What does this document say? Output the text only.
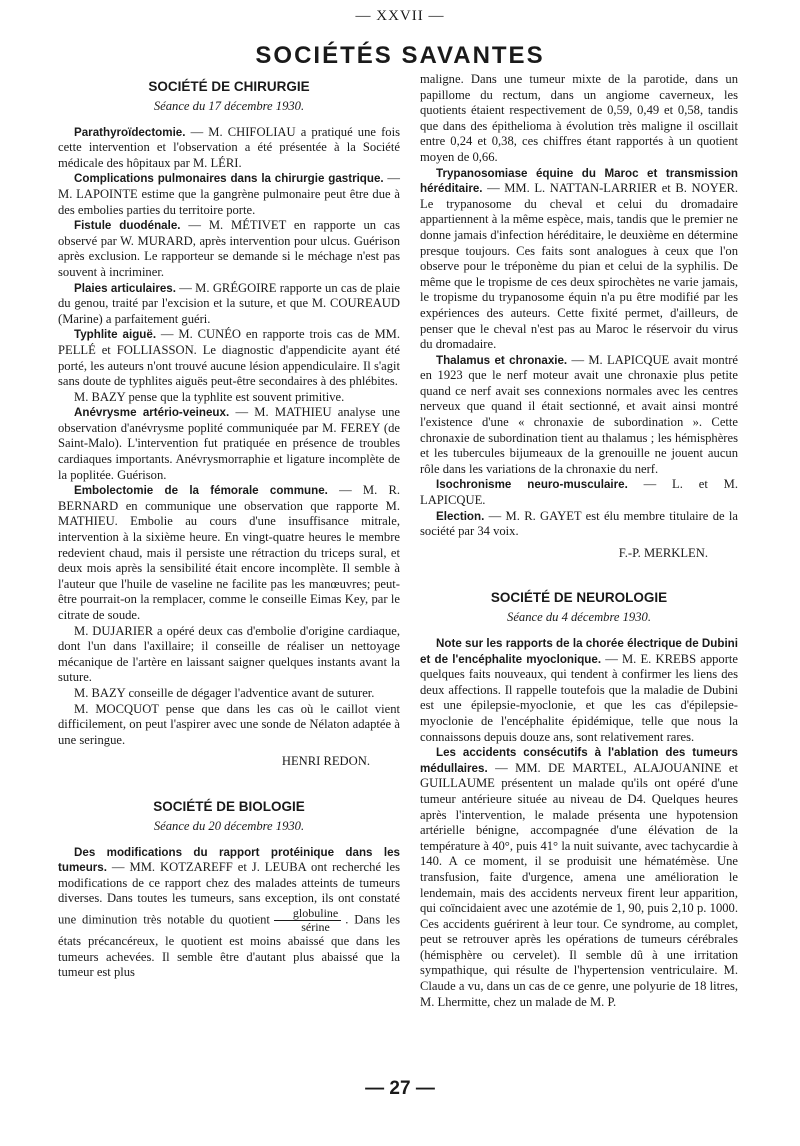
— XXVII —
SOCIÉTÉS SAVANTES
SOCIÉTÉ DE CHIRURGIE
Séance du 17 décembre 1930.

Parathyroïdectomie. — M. CHIFOLIAU a pratiqué une fois cette intervention et l'observation a été présentée à la Société médicale des hôpitaux par M. LÉRI.

Complications pulmonaires dans la chirurgie gastrique. — M. LAPOINTE estime que la gangrène pulmonaire peut être due à des embolies parties du territoire porte.

Fistule duodénale. — M. MÉTIVET en rapporte un cas observé par W. MURARD, après intervention pour ulcus. Guérison après exclusion. Le rapporteur se demande si le méchage n'est pas souvent à incriminer.

Plaies articulaires. — M. GRÉGOIRE rapporte un cas de plaie du genou, traité par l'excision et la suture, et que M. COUREAUD (Marine) a parfaitement guéri.

Typhlite aiguë. — M. CUNÉO en rapporte trois cas de MM. PELLÉ et FOLLIASSON. Le diagnostic d'appendicite ayant été porté, les auteurs n'ont trouvé aucune lésion appendiculaire. Il s'agit sans doute de typhlites aiguës peut-être secondaires à des phlébites.

M. BAZY pense que la typhlite est souvent primitive.

Anévrysme artério-veineux. — M. MATHIEU analyse une observation d'anévrysme poplité communiquée par M. FEREY (de Saint-Malo). L'intervention fut pratiquée en présence de troubles cardiaques importants. Anévrysmorraphie et ligature incomplète de la poplitée. Guérison.

Embolectomie de la fémorale commune. — M. R. BERNARD en communique une observation que rapporte M. MATHIEU. Embolie au cours d'une insuffisance mitrale, intervention à la sixième heure. En vingt-quatre heures le membre redevient chaud, mais il persiste une rétraction du triceps sural, et deux mois après la sensibilité était encore incomplète. Il semble à l'auteur que l'huile de vaseline ne facilite pas les manœuvres; peut-être pourrait-on la remplacer, comme le conseille Eimas Key, par le citrate de soude.

M. DUJARIER a opéré deux cas d'embolie d'origine cardiaque, dont l'un dans l'axillaire; il conseille de réaliser un nettoyage mécanique de l'artère en laissant saigner quelques instants avant la suture.

M. BAZY conseille de dégager l'adventice avant de suturer.

M. MOCQUOT pense que dans les cas où le caillot vient difficilement, on peut l'aspirer avec une sonde de Nélaton adaptée à une seringue.

HENRI REDON.

SOCIÉTÉ DE BIOLOGIE
Séance du 20 décembre 1930.

Des modifications du rapport protéinique dans les tumeurs. — MM. KOTZAREFF et J. LEUBA ont recherché les modifications de ce rapport chez des malades atteints de tumeurs diverses. Dans toutes les tumeurs, sans exception, ils ont constaté une diminution très notable du quotient $\frac{\text{globuline}}{\text{sérine}}$ . Dans les états précancéreux, le quotient est moins abaissé que dans les tumeurs achevées. Il semble être d'autant plus abaissé que la tumeur est plus

maligne. Dans une tumeur mixte de la parotide, dans un papillome du rectum, dans un angiome caverneux, les quotients étaient respectivement de 0,59, 0,49 et 0,58, tandis que dans des épithelioma à évolution très maligne il oscillait entre 0,24 et 0,38, ces chiffres étant rapportés à un quotient moyen de 0,66.

Trypanosomiase équine du Maroc et transmission héréditaire. — MM. L. NATTAN-LARRIER et B. NOYER. Le trypanosome du cheval et celui du dromadaire appartiennent à la même espèce, mais, tandis que le premier ne donne jamais d'infection héréditaire, le deuxième en détermine presque toujours. Ces faits sont analogues à ceux que l'on observe pour le tréponème du pian et celui de la syphilis. De même que le tropisme de ces deux spirochètes ne varie jamais, le tropisme du trypanosome équin n'a pu être modifié par les expériences des auteurs. Cette fixité permet, d'ailleurs, de penser que le cheval n'est pas au Maroc le réservoir du virus du dromadaire.

Thalamus et chronaxie. — M. LAPICQUE avait montré en 1923 que le nerf moteur avait une chronaxie plus petite quand ce nerf avait ses connexions normales avec les centres nerveux que quand il était sectionné, et avait ainsi montré l'existence d'une « chronaxie de subordination ». Cette chronaxie de subordination tient au thalamus ; les hémisphères et les tubercules bijumeaux de la grenouille ne jouent aucun rôle dans les variations de la chronaxie du nerf.

Isochronisme neuro-musculaire. — L. et M. LAPICQUE.

Election. — M. R. GAYET est élu membre titulaire de la société par 34 voix.

F.-P. MERKLEN.

SOCIÉTÉ DE NEUROLOGIE
Séance du 4 décembre 1930.

Note sur les rapports de la chorée électrique de Dubini et de l'encéphalite myoclonique. — M. E. KREBS apporte quelques faits nouveaux, qui tendent à confirmer les liens des deux affections. Il rappelle toutefois que la maladie de Dubini est une épilepsie-myoclonie, et que les cas d'épilepsie-myoclonie de l'encéphalite épidémique, telle que nous la connaissons depuis douze ans, sont relativement rares.

Les accidents consécutifs à l'ablation des tumeurs médullaires. — MM. DE MARTEL, ALAJOUANINE et GUILLAUME présentent un malade qu'ils ont opéré d'une tumeur antérieure située au niveau de D4. Quelques heures après l'intervention, le malade présenta une hypotension artérielle bénigne, accompagnée d'une élévation de la température à 40°, puis 41° la nuit suivante, avec tachycardie à 140. A ce moment, il se produisit une hématémèse. Une transfusion, faite d'urgence, amena une amélioration le lendemain, mais des accidents nerveux firent leur apparition, qui coïncidaient avec une azotémie de 1, 90, puis 2,10 p. 1000. Ces accidents guérirent à leur tour. Ce syndrome, au complet, peut se retrouver après les opérations de tumeurs cérébrales (hémisphère ou cervelet). Il semble dû à une irritation sympathique, qui résulte de l'hypertension ventriculaire. M. Claude a vu, dans un cas de ce genre, une polyurie de 18 litres, M. Lhermitte, chez un malade de M. P.

— 27 —
